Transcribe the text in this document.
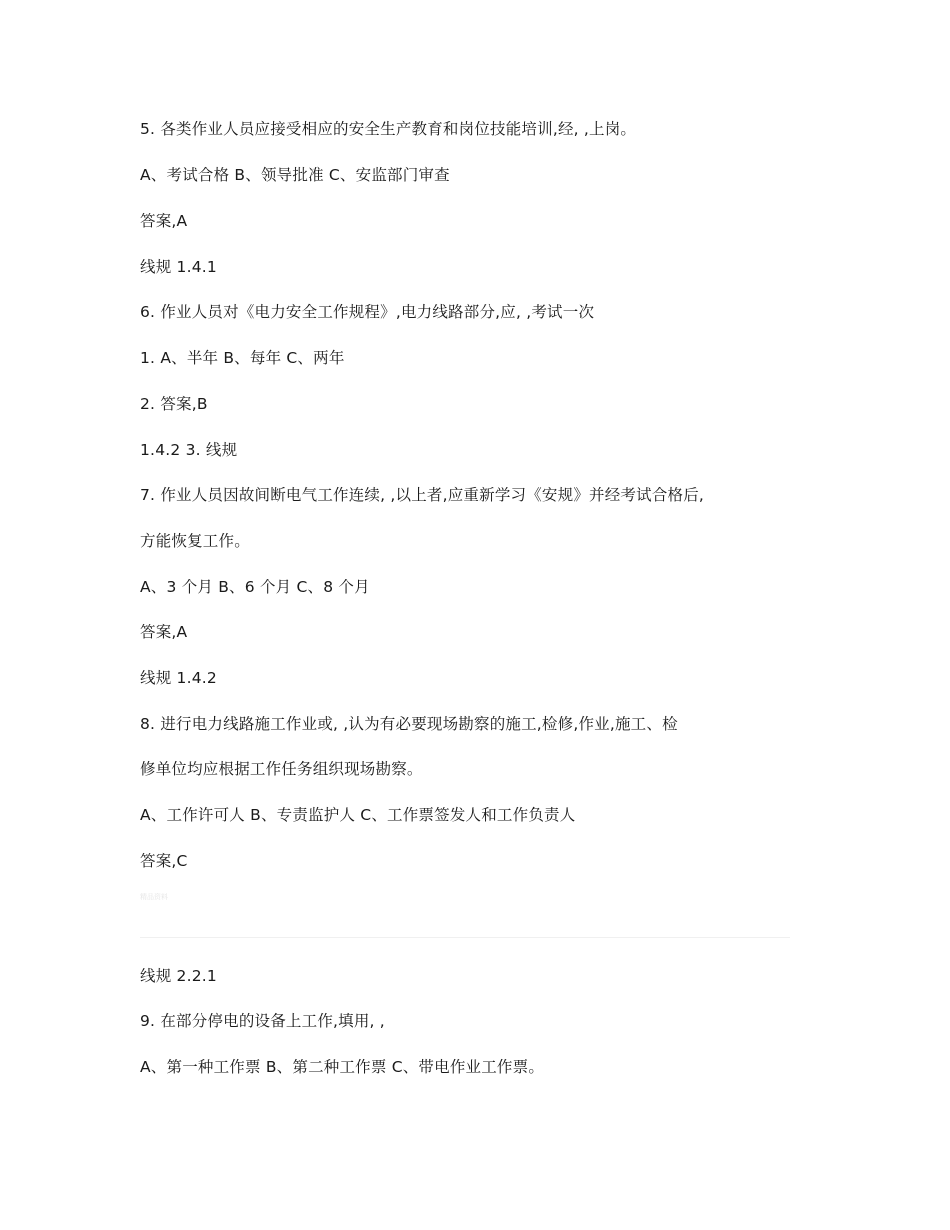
5. 各类作业人员应接受相应的安全生产教育和岗位技能培训,经, ,上岗。
A、考试合格 B、领导批准 C、安监部门审查
答案,A
线规 1.4.1
6. 作业人员对《电力安全工作规程》,电力线路部分,应, ,考试一次
1. A、半年 B、每年 C、两年
2. 答案,B
1.4.2 3. 线规
7. 作业人员因故间断电气工作连续, ,以上者,应重新学习《安规》并经考试合格后,
方能恢复工作。
A、3 个月 B、6 个月 C、8 个月
答案,A
线规 1.4.2
8. 进行电力线路施工作业或, ,认为有必要现场勘察的施工,检修,作业,施工、检
修单位均应根据工作任务组织现场勘察。
A、工作许可人 B、专责监护人 C、工作票签发人和工作负责人
答案,C
精品资料
线规 2.2.1
9. 在部分停电的设备上工作,填用, ,
A、第一种工作票 B、第二种工作票 C、带电作业工作票。
